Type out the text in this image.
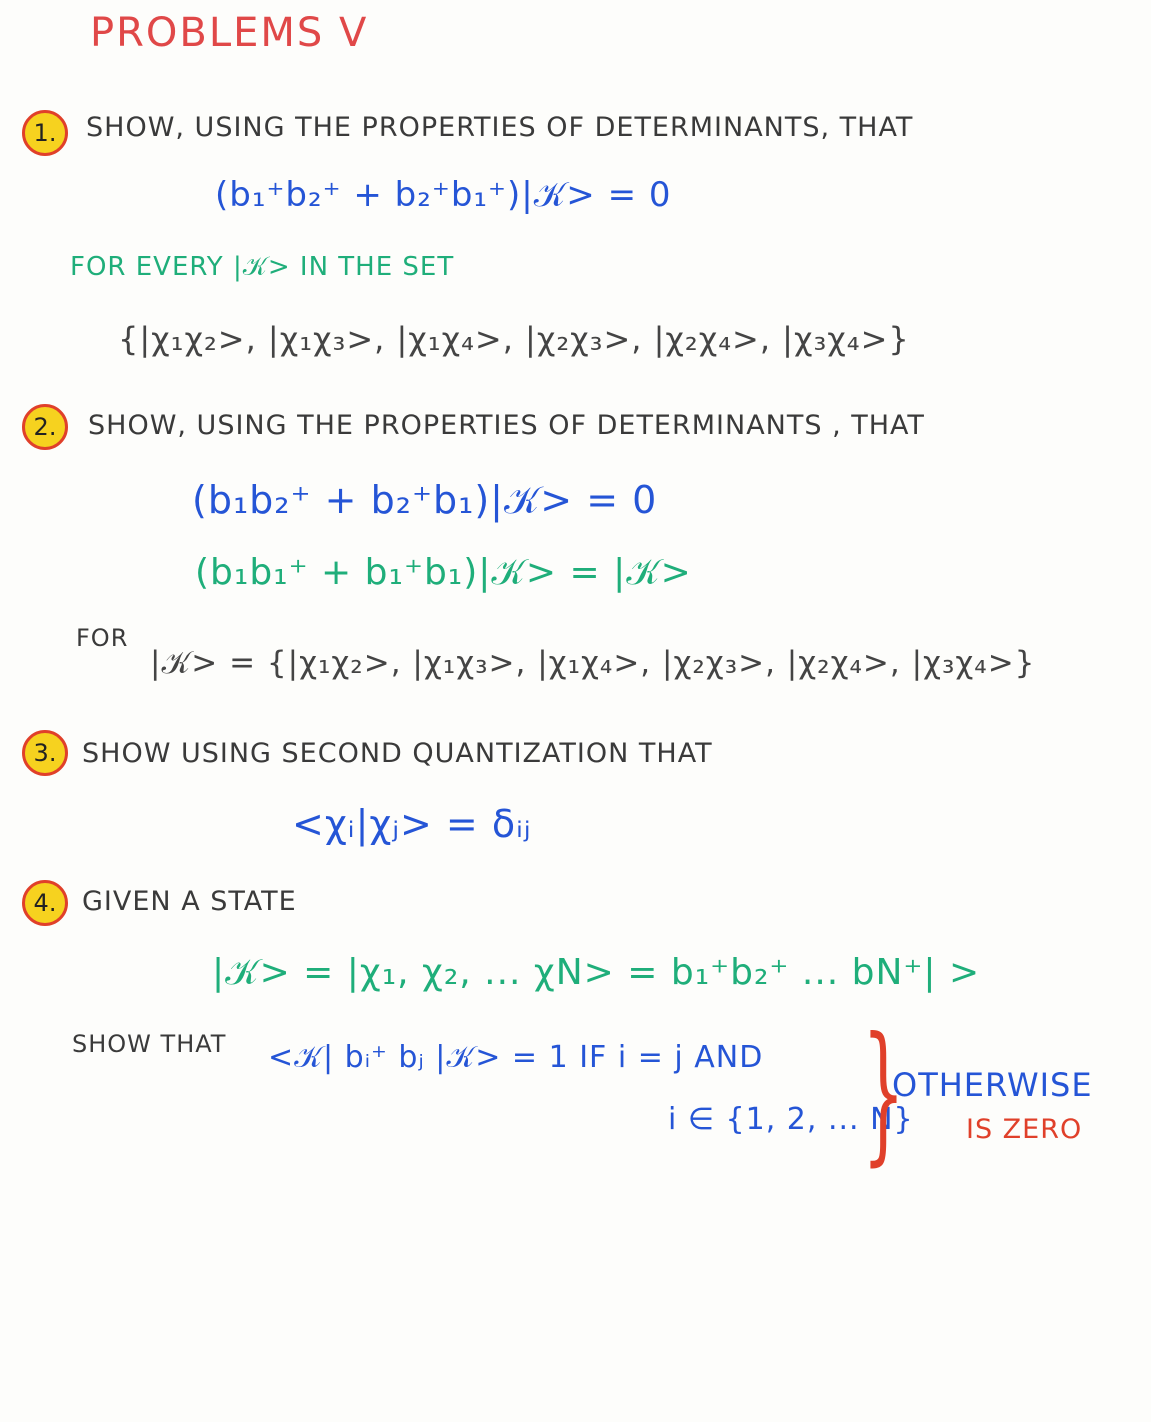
PROBLEMS V
1.	SHOW, USING THE PROPERTIES OF DETERMINANTS, THAT
(b₁⁺b₂⁺ + b₂⁺b₁⁺)|𝒦> = 0
FOR EVERY |𝒦> IN THE SET
{|χ₁χ₂>, |χ₁χ₃>, |χ₁χ₄>, |χ₂χ₃>, |χ₂χ₄>, |χ₃χ₄>}
2.	SHOW, USING THE PROPERTIES OF DETERMINANTS , THAT
(b₁b₂⁺ + b₂⁺b₁)|𝒦> = 0
(b₁b₁⁺ + b₁⁺b₁)|𝒦> = |𝒦>
FOR
|𝒦> = {|χ₁χ₂>, |χ₁χ₃>, |χ₁χ₄>, |χ₂χ₃>, |χ₂χ₄>, |χ₃χ₄>}
3. SHOW USING SECOND QUANTIZATION THAT
<χᵢ|χⱼ> = δᵢⱼ
4. GIVEN A STATE
|𝒦> = |χ₁, χ₂, ... χN> = b₁⁺b₂⁺ ... bN⁺| >
SHOW THAT <𝒦| bᵢ⁺ bⱼ |𝒦> = 1 IF i = j AND
i ∈ {1, 2, ... N}
}
OTHERWISE
IS ZERO
